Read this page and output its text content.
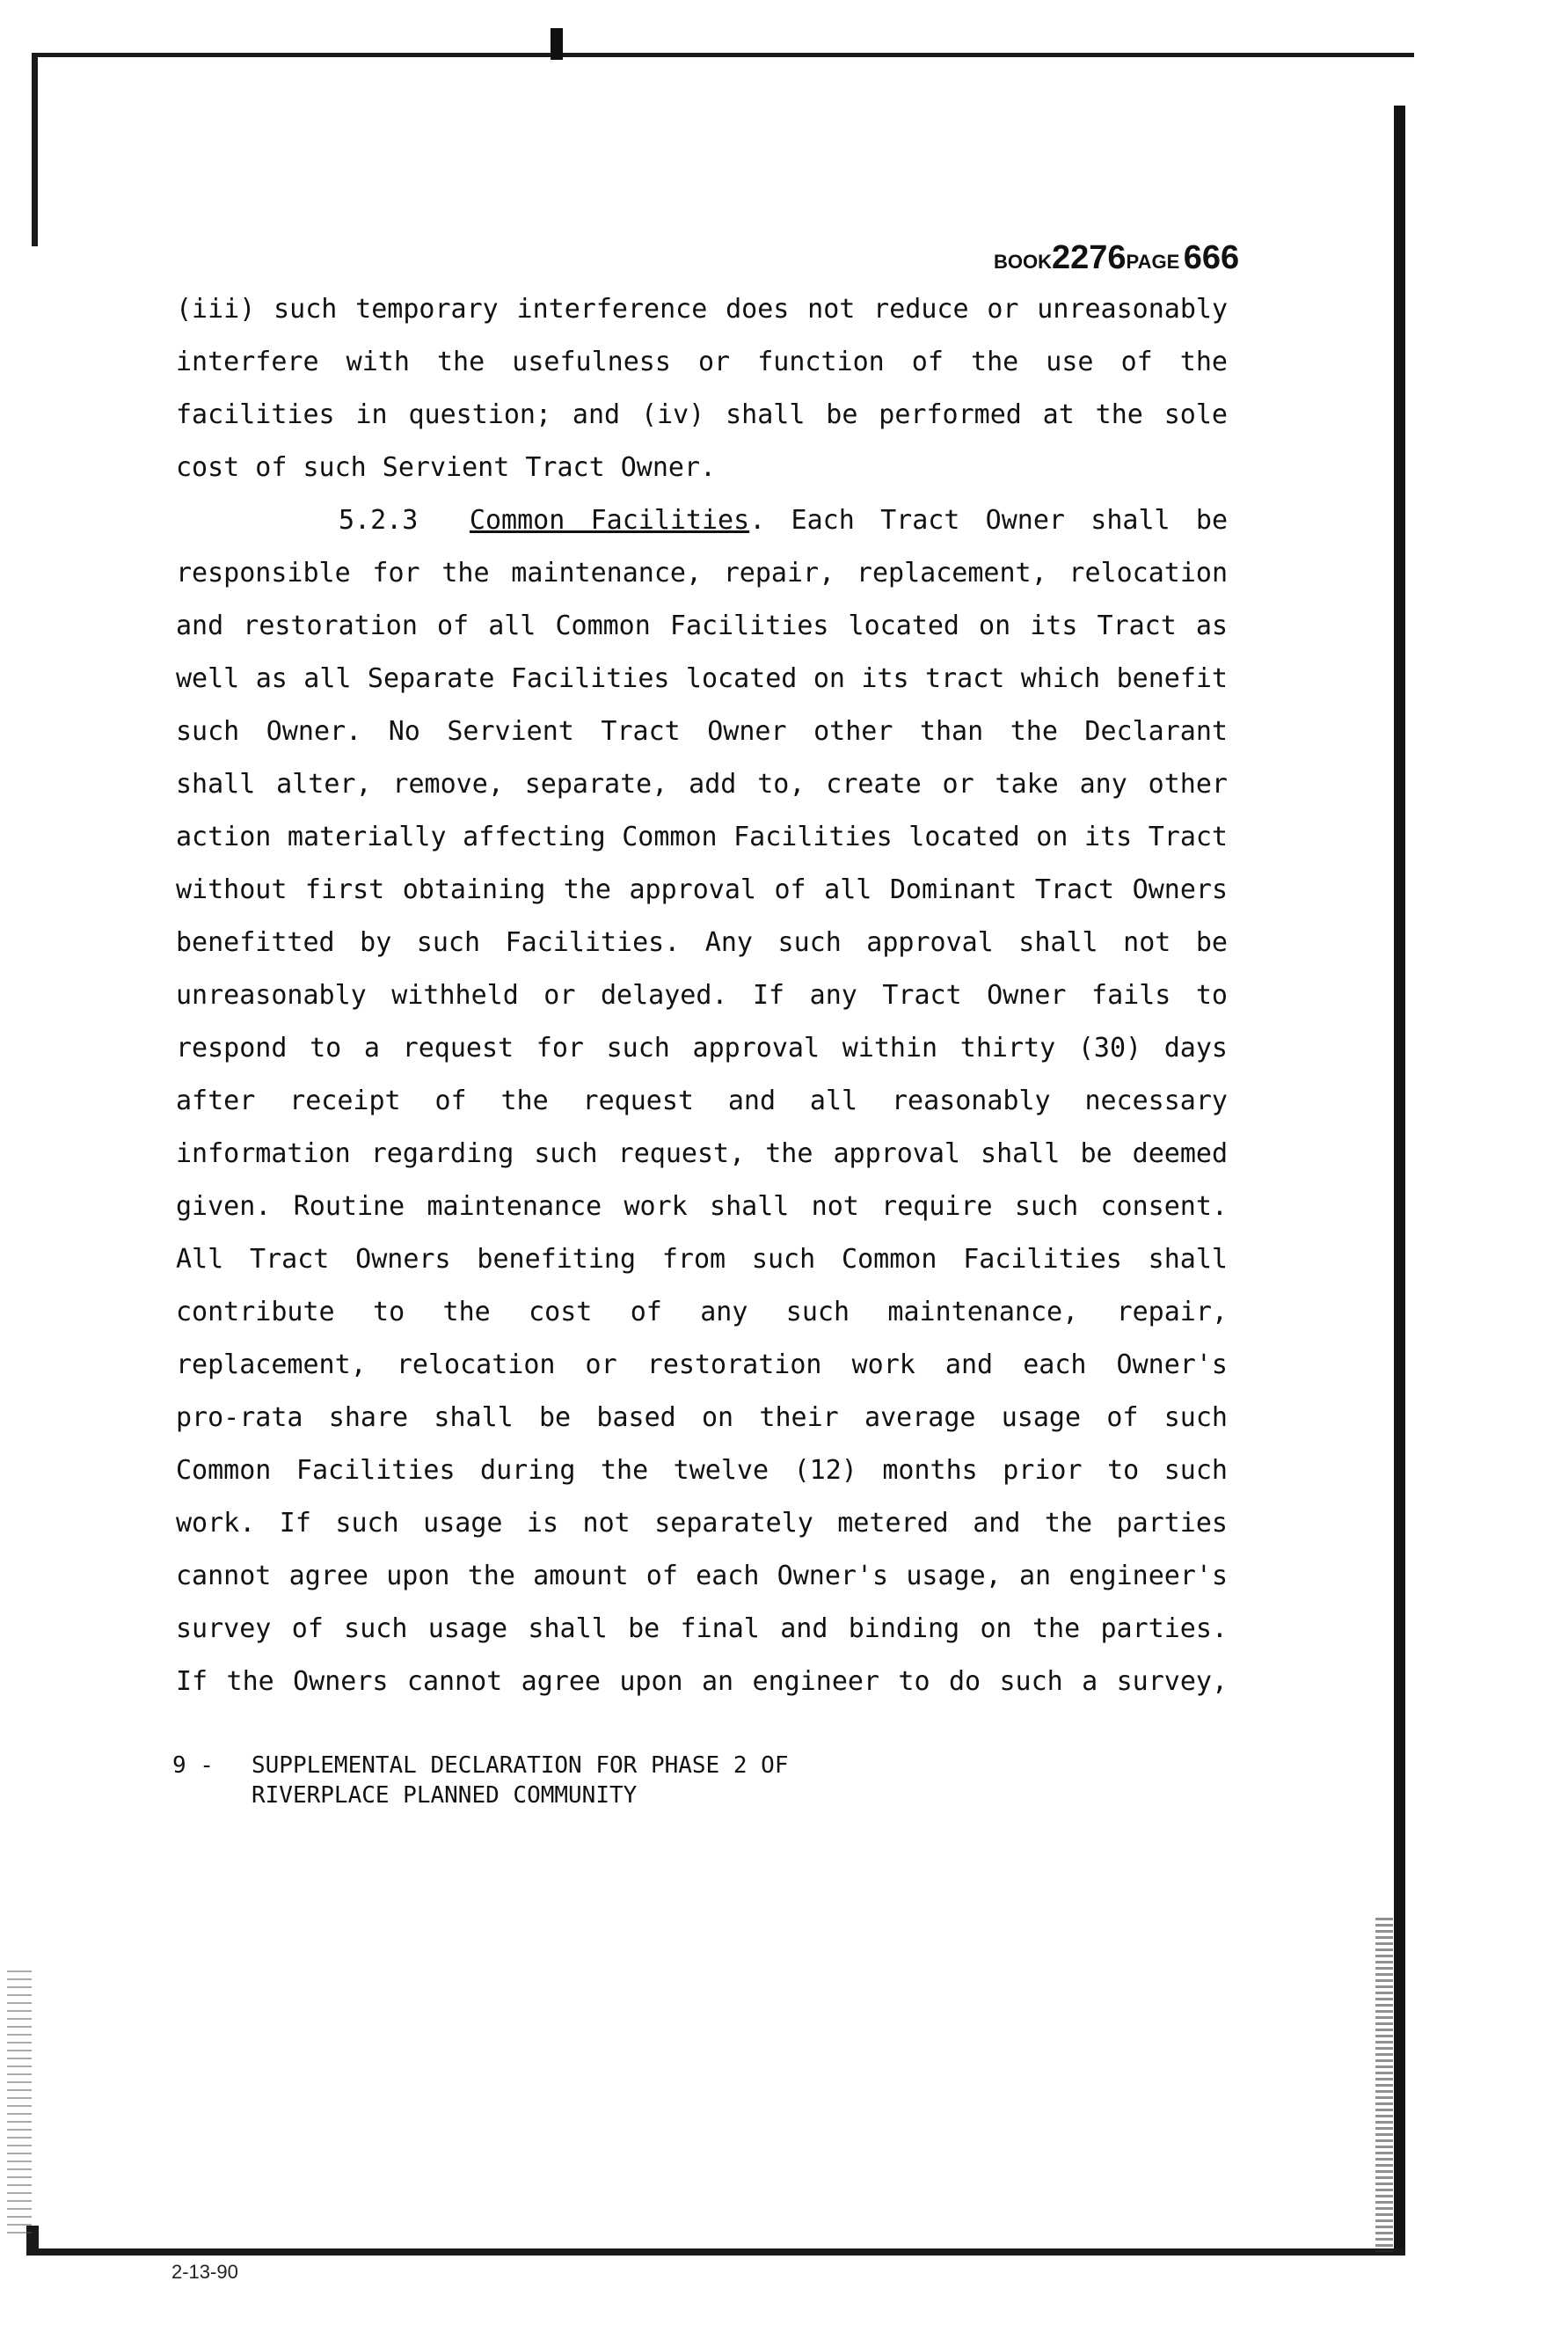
BOOK2276PAGE 666
(iii) such temporary interference does not reduce or unreasonably
interfere with the usefulness or function of the use of the
facilities in question; and (iv) shall be performed at the sole
cost of such Servient Tract Owner.
5.2.3 Common Facilities. Each Tract Owner shall be
responsible for the maintenance, repair, replacement, relocation
and restoration of all Common Facilities located on its Tract as
well as all Separate Facilities located on its tract which benefit
such Owner. No Servient Tract Owner other than the Declarant
shall alter, remove, separate, add to, create or take any other
action materially affecting Common Facilities located on its Tract
without first obtaining the approval of all Dominant Tract Owners
benefitted by such Facilities. Any such approval shall not be
unreasonably withheld or delayed. If any Tract Owner fails to
respond to a request for such approval within thirty (30) days
after receipt of the request and all reasonably necessary
information regarding such request, the approval shall be deemed
given. Routine maintenance work shall not require such consent.
All Tract Owners benefiting from such Common Facilities shall
contribute to the cost of any such maintenance, repair,
replacement, relocation or restoration work and each Owner's
pro-rata share shall be based on their average usage of such
Common Facilities during the twelve (12) months prior to such
work. If such usage is not separately metered and the parties
cannot agree upon the amount of each Owner's usage, an engineer's
survey of such usage shall be final and binding on the parties.
If the Owners cannot agree upon an engineer to do such a survey,
9 - SUPPLEMENTAL DECLARATION FOR PHASE 2 OF
RIVERPLACE PLANNED COMMUNITY
2-13-90
